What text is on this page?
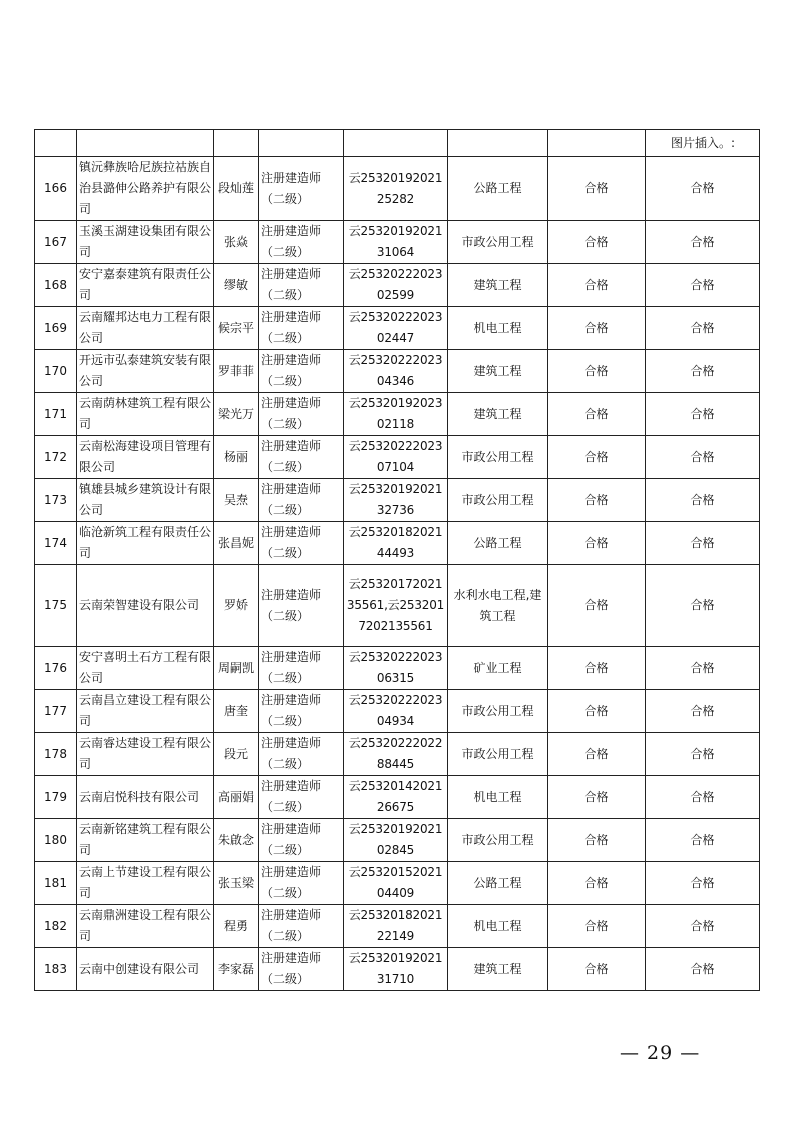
							图片插入。:
166	镇沅彝族哈尼族拉祜族自治县潞伸公路养护有限公司	段灿莲	注册建造师（二级）	云2532019202125282	公路工程	合格	合格
167	玉溪玉湖建设集团有限公司	张焱	注册建造师（二级）	云2532019202131064	市政公用工程	合格	合格
168	安宁嘉泰建筑有限责任公司	缪敏	注册建造师（二级）	云2532022202302599	建筑工程	合格	合格
169	云南耀邦达电力工程有限公司	候宗平	注册建造师（二级）	云2532022202302447	机电工程	合格	合格
170	开远市弘泰建筑安装有限公司	罗菲菲	注册建造师（二级）	云2532022202304346	建筑工程	合格	合格
171	云南荫林建筑工程有限公司	梁光万	注册建造师（二级）	云2532019202302118	建筑工程	合格	合格
172	云南松海建设项目管理有限公司	杨丽	注册建造师（二级）	云2532022202307104	市政公用工程	合格	合格
173	镇雄县城乡建筑设计有限公司	吴焘	注册建造师（二级）	云2532019202132736	市政公用工程	合格	合格
174	临沧新筑工程有限责任公司	张昌妮	注册建造师（二级）	云2532018202144493	公路工程	合格	合格
175	云南荣智建设有限公司	罗娇	注册建造师（二级）	云2532017202135561,云2532017202135561	水利水电工程,建筑工程	合格	合格
176	安宁喜明土石方工程有限公司	周嗣凯	注册建造师（二级）	云2532022202306315	矿业工程	合格	合格
177	云南昌立建设工程有限公司	唐奎	注册建造师（二级）	云2532022202304934	市政公用工程	合格	合格
178	云南睿达建设工程有限公司	段元	注册建造师（二级）	云2532022202288445	市政公用工程	合格	合格
179	云南启悦科技有限公司	高丽娟	注册建造师（二级）	云2532014202126675	机电工程	合格	合格
180	云南新铭建筑工程有限公司	朱啟念	注册建造师（二级）	云2532019202102845	市政公用工程	合格	合格
181	云南上节建设工程有限公司	张玉梁	注册建造师（二级）	云2532015202104409	公路工程	合格	合格
182	云南鼎洲建设工程有限公司	程勇	注册建造师（二级）	云2532018202122149	机电工程	合格	合格
183	云南中创建设有限公司	李家磊	注册建造师（二级）	云2532019202131710	建筑工程	合格	合格
— 29 —
